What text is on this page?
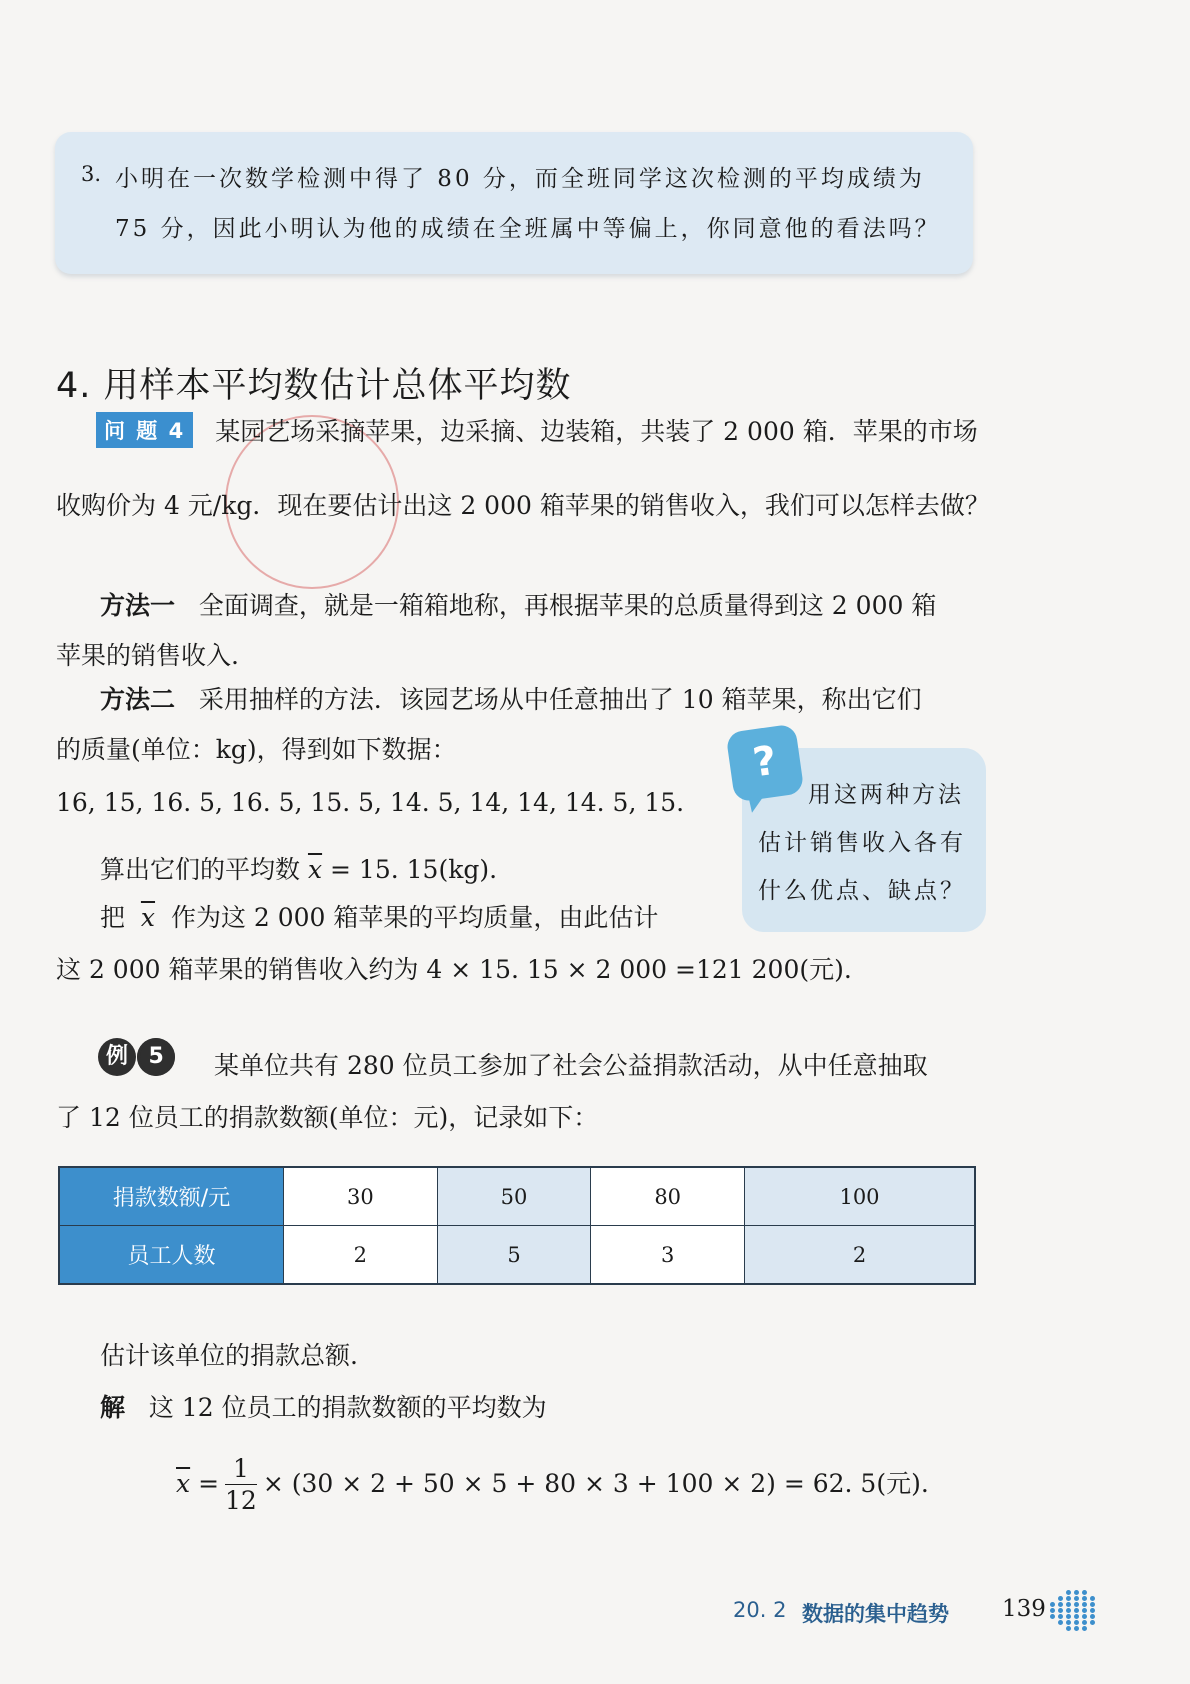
3. 小明在一次数学检测中得了 80 分，而全班同学这次检测的平均成绩为
75 分，因此小明认为他的成绩在全班属中等偏上，你同意他的看法吗？
4. 用样本平均数估计总体平均数
问 题 4 某园艺场采摘苹果，边采摘、边装箱，共装了 2 000 箱．苹果的市场
收购价为 4 元/kg．现在要估计出这 2 000 箱苹果的销售收入，我们可以怎样去做？
方法一 全面调查，就是一箱箱地称，再根据苹果的总质量得到这 2 000 箱
苹果的销售收入.
方法二 采用抽样的方法．该园艺场从中任意抽出了 10 箱苹果，称出它们
的质量(单位：kg)，得到如下数据：
16, 15, 16. 5, 16. 5, 15. 5, 14. 5, 14, 14, 14. 5, 15.
算出它们的平均数 $\overline{x} = 15$. 15(kg).
把 $\overline{x}$ 作为这 2 000 箱苹果的平均质量，由此估计
这 2 000 箱苹果的销售收入约为 4 × 15. 15 × 2 000 =121 200(元).
?
用这两种方法
估计销售收入各有
什么优点、缺点？
例 5 某单位共有 280 位员工参加了社会公益捐款活动，从中任意抽取
了 12 位员工的捐款数额(单位：元)，记录如下：
捐款数额/元	30	50	80	100
员工人数	2	5	3	2
估计该单位的捐款总额.
解 这 12 位员工的捐款数额的平均数为
$\overline{x} = \frac{1}{12} \times (30 \times 2 + 50 \times 5 + 80 \times 3 + 100 \times 2) = 62$. 5(元).
20. 2 数据的集中趋势 139
